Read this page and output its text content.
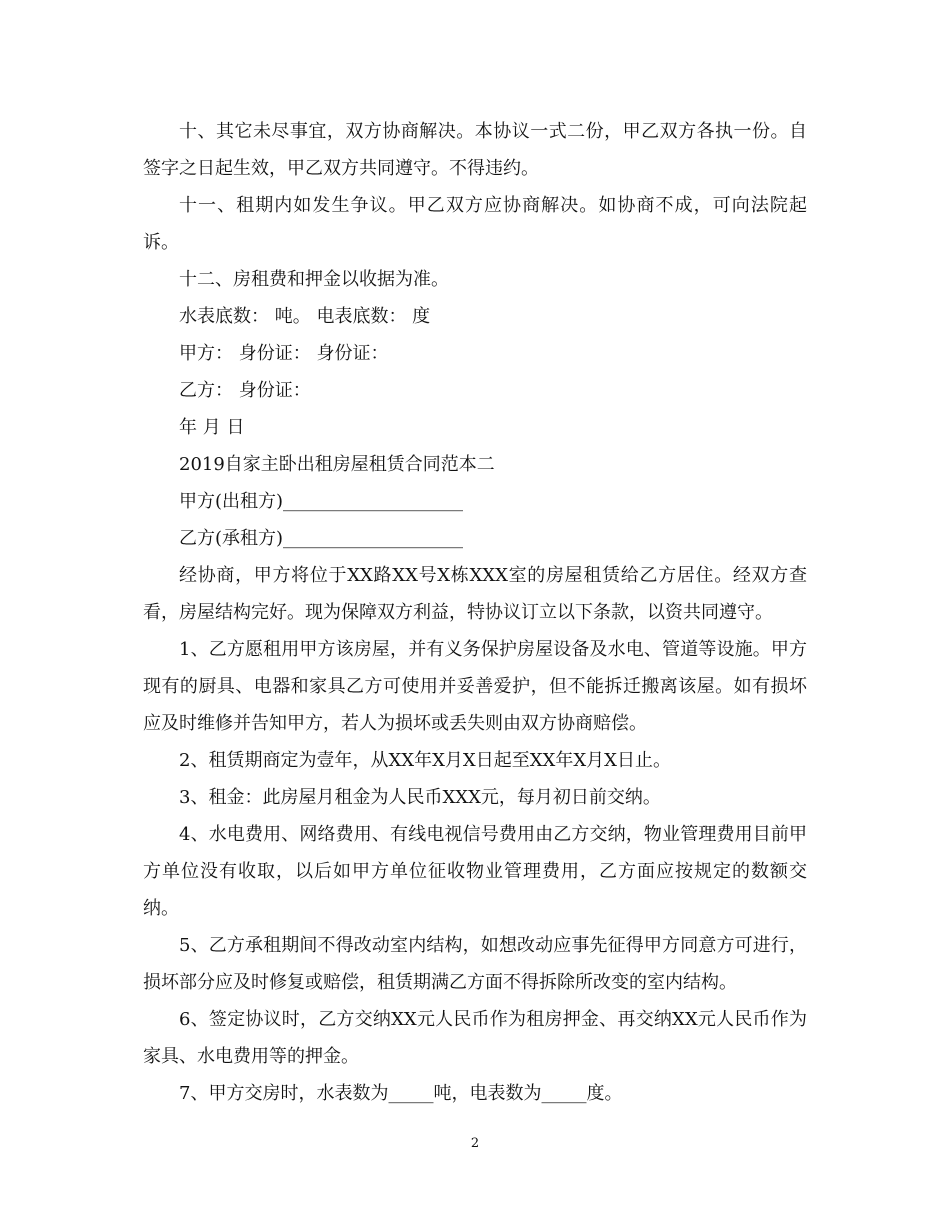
十、其它未尽事宜，双方协商解决。本协议一式二份，甲乙双方各执一份。自签字之日起生效，甲乙双方共同遵守。不得违约。

十一、租期内如发生争议。甲乙双方应协商解决。如协商不成，可向法院起诉。

十二、房租费和押金以收据为准。

水表底数： 吨。 电表底数： 度

甲方： 身份证： 身份证：

乙方： 身份证：

年 月 日

2019自家主卧出租房屋租赁合同范本二

甲方(出租方)____________________

乙方(承租方)____________________

经协商，甲方将位于XX路XX号X栋XXX室的房屋租赁给乙方居住。经双方查看，房屋结构完好。现为保障双方利益，特协议订立以下条款，以资共同遵守。

1、乙方愿租用甲方该房屋，并有义务保护房屋设备及水电、管道等设施。甲方现有的厨具、电器和家具乙方可使用并妥善爱护，但不能拆迁搬离该屋。如有损坏应及时维修并告知甲方，若人为损坏或丢失则由双方协商赔偿。

2、租赁期商定为壹年，从XX年X月X日起至XX年X月X日止。

3、租金：此房屋月租金为人民币XXX元，每月初日前交纳。

4、水电费用、网络费用、有线电视信号费用由乙方交纳，物业管理费用目前甲方单位没有收取，以后如甲方单位征收物业管理费用，乙方面应按规定的数额交纳。

5、乙方承租期间不得改动室内结构，如想改动应事先征得甲方同意方可进行，损坏部分应及时修复或赔偿，租赁期满乙方面不得拆除所改变的室内结构。

6、签定协议时，乙方交纳XX元人民币作为租房押金、再交纳XX元人民币作为家具、水电费用等的押金。

7、甲方交房时，水表数为_____吨，电表数为_____度。

2
